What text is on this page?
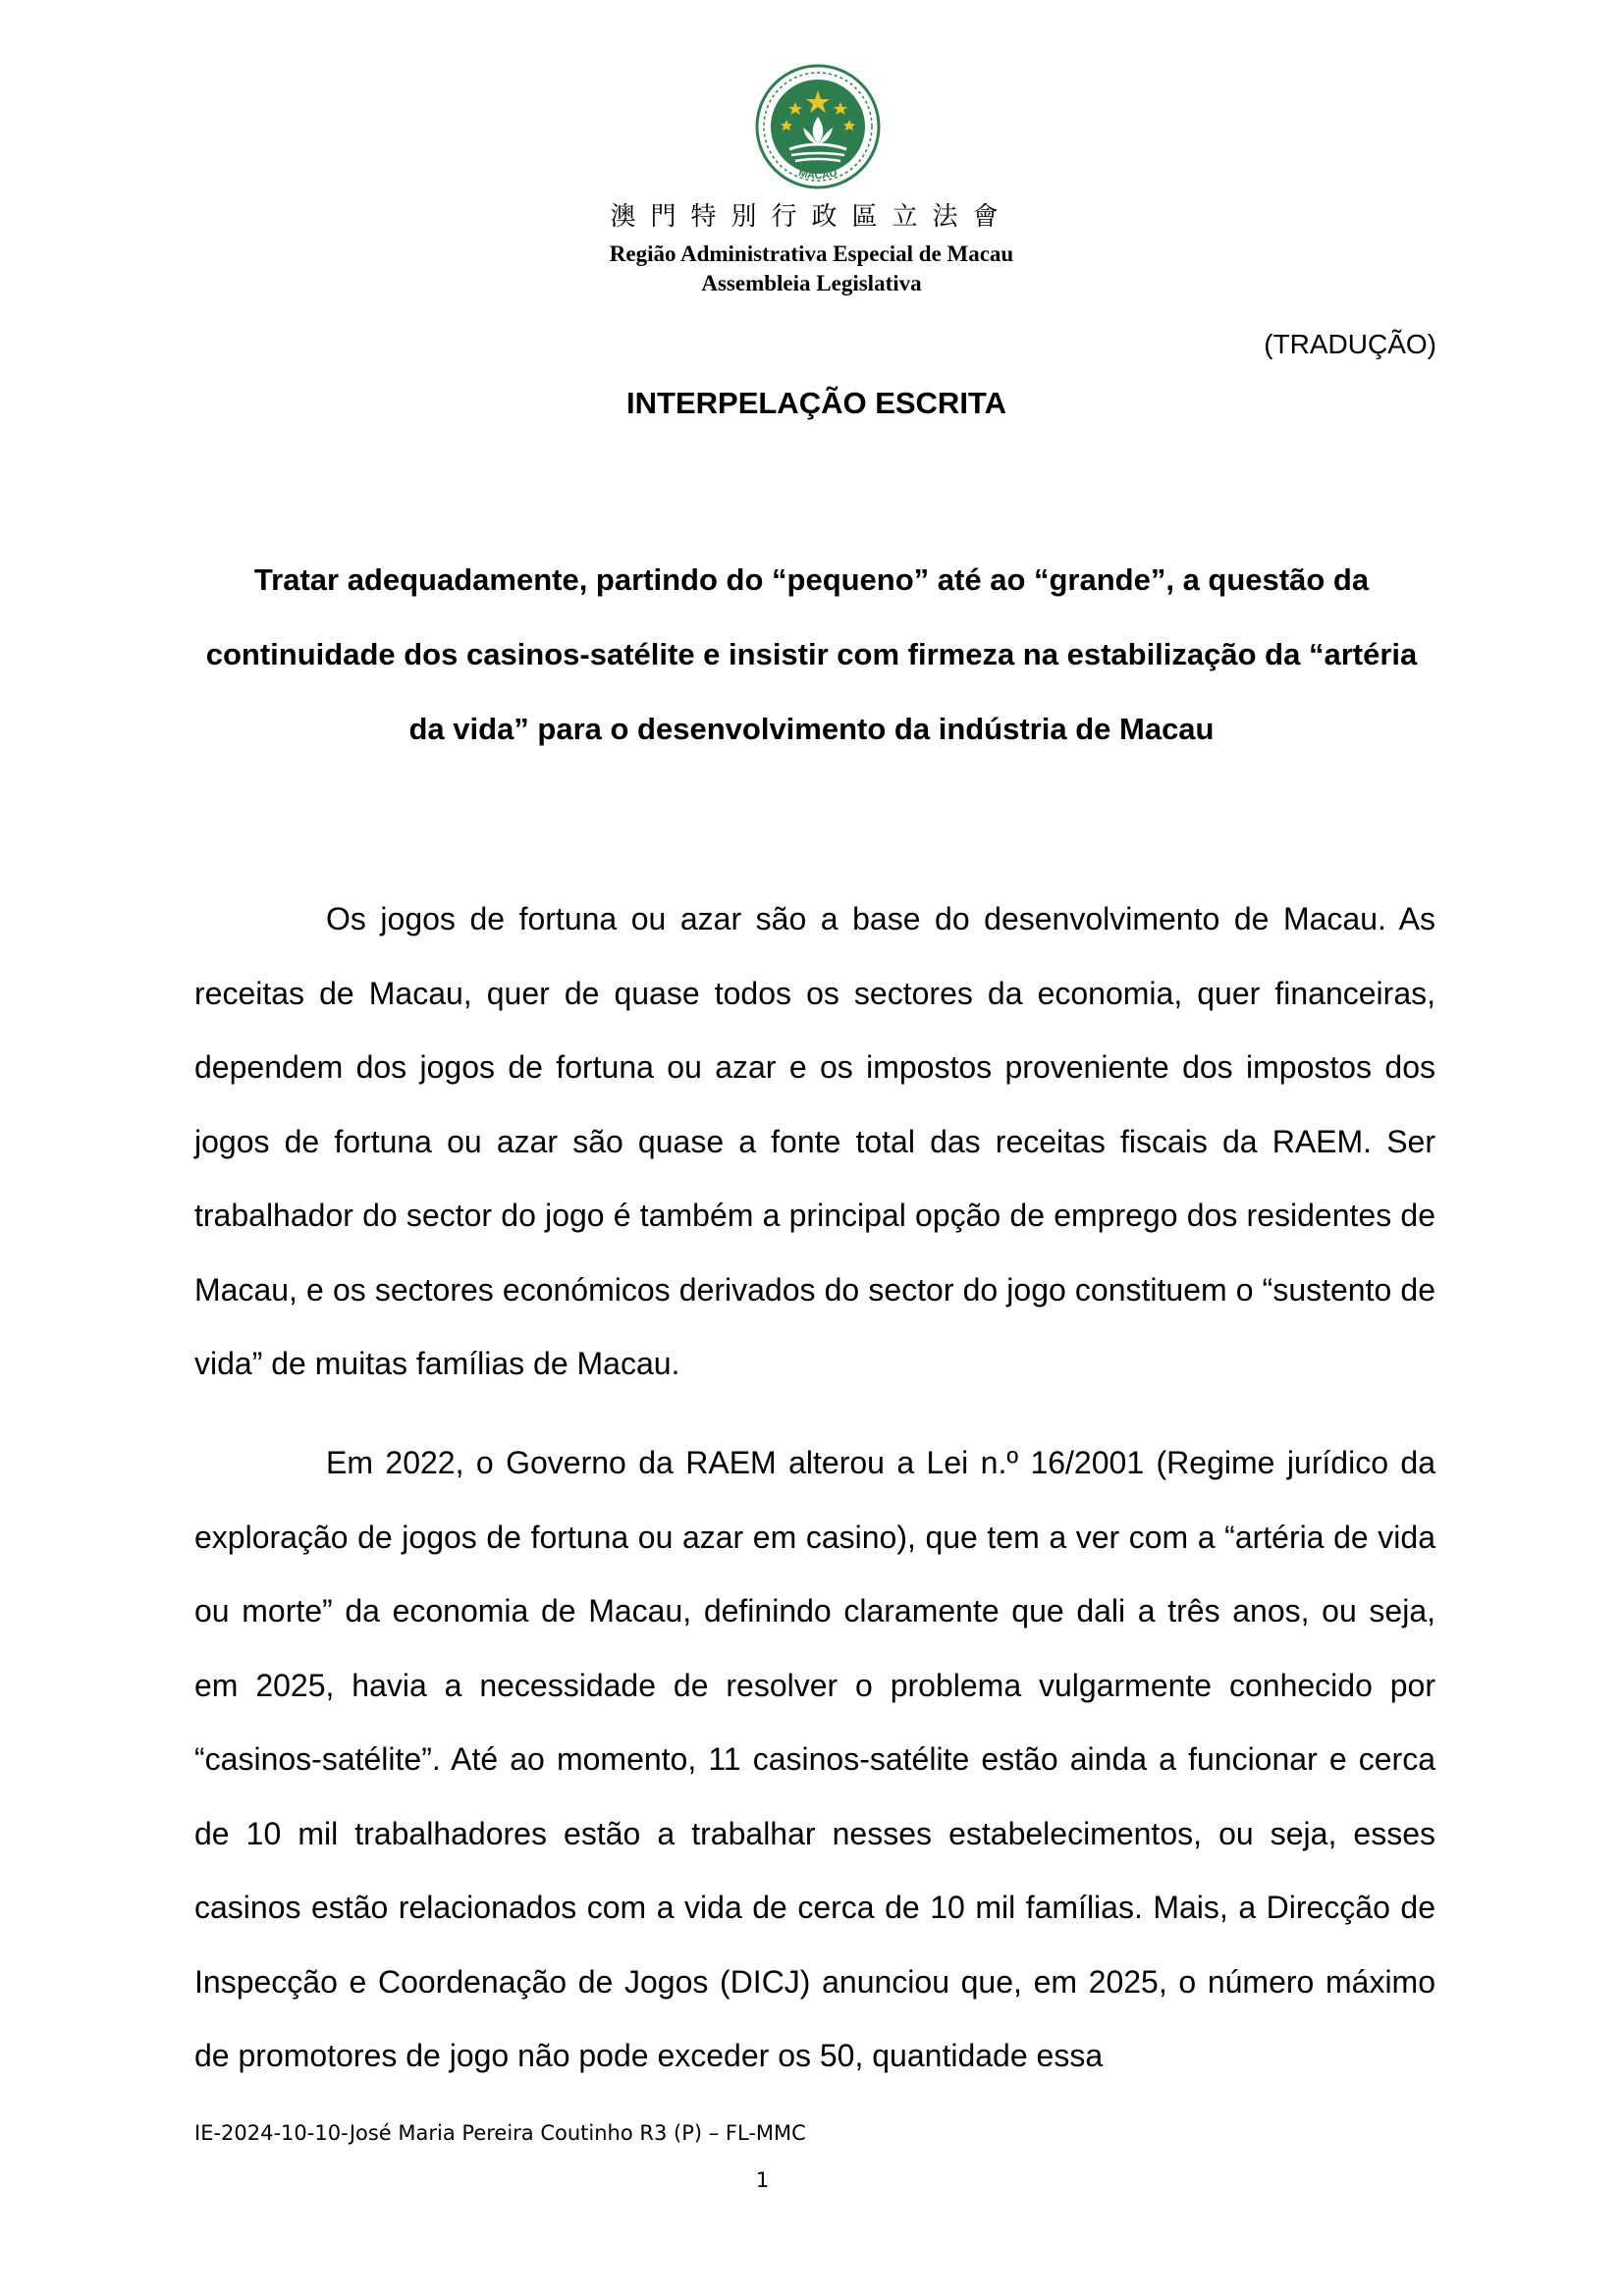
MACAU
澳門特別行政區立法會
Região Administrativa Especial de Macau
Assembleia Legislativa
(TRADUÇÃO)
INTERPELAÇÃO ESCRITA

Tratar adequadamente, partindo do “pequeno” até ao “grande”, a questão da continuidade dos casinos-satélite e insistir com firmeza na estabilização da “artéria da vida” para o desenvolvimento da indústria de Macau

Os jogos de fortuna ou azar são a base do desenvolvimento de Macau. As receitas de Macau, quer de quase todos os sectores da economia, quer financeiras, dependem dos jogos de fortuna ou azar e os impostos proveniente dos impostos dos jogos de fortuna ou azar são quase a fonte total das receitas fiscais da RAEM. Ser trabalhador do sector do jogo é também a principal opção de emprego dos residentes de Macau, e os sectores económicos derivados do sector do jogo constituem o “sustento de vida” de muitas famílias de Macau.

Em 2022, o Governo da RAEM alterou a Lei n.º 16/2001 (Regime jurídico da exploração de jogos de fortuna ou azar em casino), que tem a ver com a “artéria de vida ou morte” da economia de Macau, definindo claramente que dali a três anos, ou seja, em 2025, havia a necessidade de resolver o problema vulgarmente conhecido por “casinos-satélite”. Até ao momento, 11 casinos-satélite estão ainda a funcionar e cerca de 10 mil trabalhadores estão a trabalhar nesses estabelecimentos, ou seja, esses casinos estão relacionados com a vida de cerca de 10 mil famílias. Mais, a Direcção de Inspecção e Coordenação de Jogos (DICJ) anunciou que, em 2025, o número máximo de promotores de jogo não pode exceder os 50, quantidade essa

IE-2024-10-10-José Maria Pereira Coutinho R3 (P) – FL-MMC
1
